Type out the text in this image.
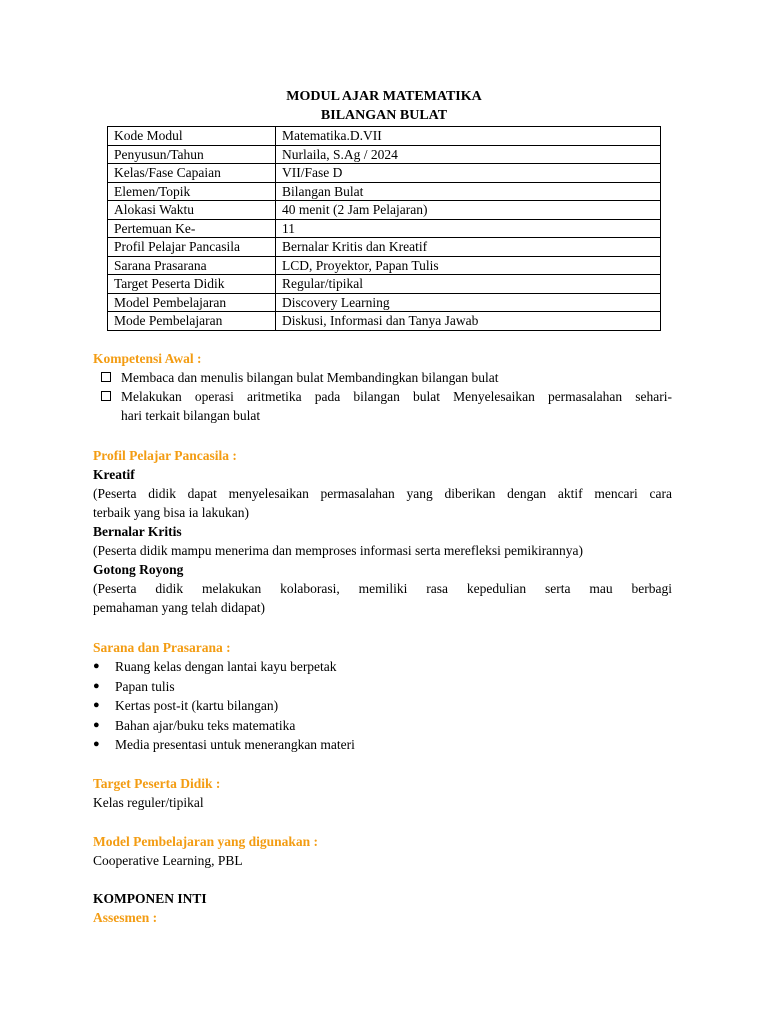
MODUL AJAR MATEMATIKA
BILANGAN BULAT
Kode Modul	Matematika.D.VII
Penyusun/Tahun	Nurlaila, S.Ag / 2024
Kelas/Fase Capaian	VII/Fase D
Elemen/Topik	Bilangan Bulat
Alokasi Waktu	40 menit (2 Jam Pelajaran)
Pertemuan Ke-	11
Profil Pelajar Pancasila	Bernalar Kritis dan Kreatif
Sarana Prasarana	LCD, Proyektor, Papan Tulis
Target Peserta Didik	Regular/tipikal
Model Pembelajaran	Discovery Learning
Mode Pembelajaran	Diskusi, Informasi dan Tanya Jawab
Kompetensi Awal :
Membaca dan menulis bilangan bulat Membandingkan bilangan bulat
Melakukan operasi aritmetika pada bilangan bulat Menyelesaikan permasalahan sehari-
hari terkait bilangan bulat
Profil Pelajar Pancasila :
Kreatif
(Peserta didik dapat menyelesaikan permasalahan yang diberikan dengan aktif mencari cara
terbaik yang bisa ia lakukan)
Bernalar Kritis
(Peserta didik mampu menerima dan memproses informasi serta merefleksi pemikirannya)
Gotong Royong
(Peserta didik melakukan kolaborasi, memiliki rasa kepedulian serta mau berbagi
pemahaman yang telah didapat)
Sarana dan Prasarana :
● Ruang kelas dengan lantai kayu berpetak
● Papan tulis
● Kertas post-it (kartu bilangan)
● Bahan ajar/buku teks matematika
● Media presentasi untuk menerangkan materi
Target Peserta Didik :
Kelas reguler/tipikal
Model Pembelajaran yang digunakan :
Cooperative Learning, PBL
KOMPONEN INTI
Assesmen :
